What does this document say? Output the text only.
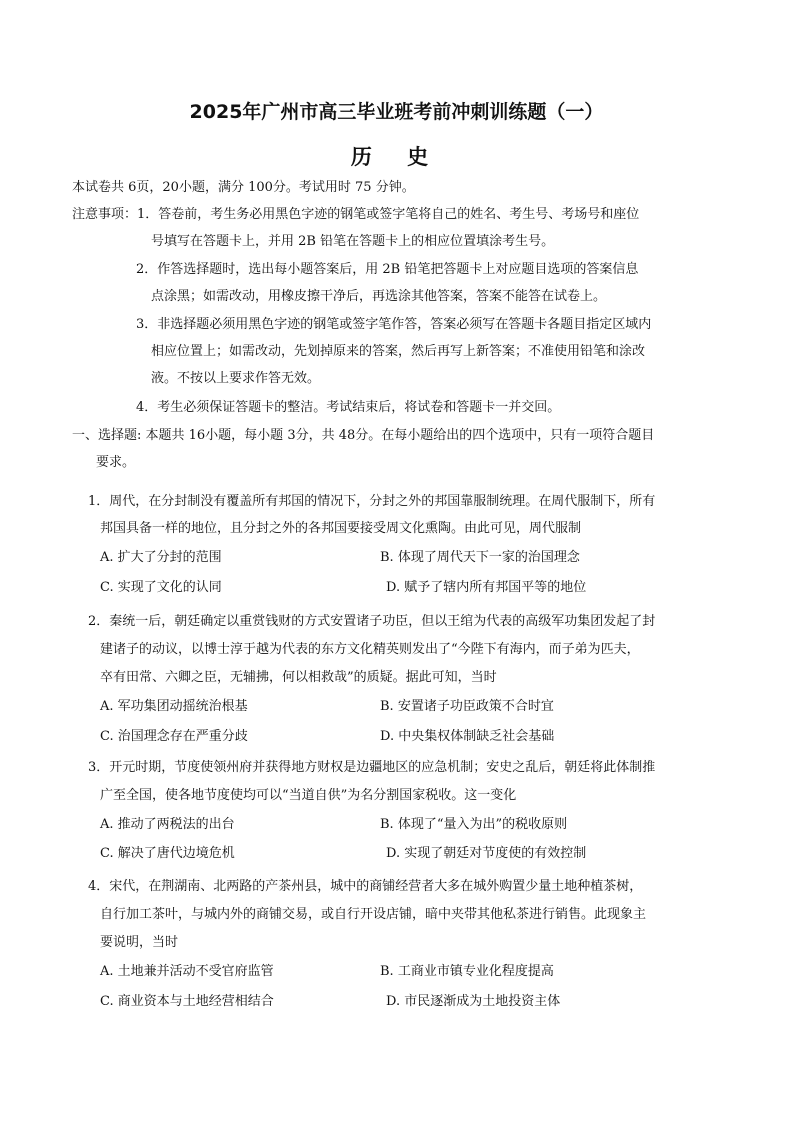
2025年广州市高三毕业班考前冲刺训练题（一）
历 史
本试卷共 6页，20小题，满分 100分。考试用时 75 分钟。
注意事项：1．答卷前，考生务必用黑色字迹的钢笔或签字笔将自己的姓名、考生号、考场号和座位
号填写在答题卡上，并用 2B 铅笔在答题卡上的相应位置填涂考生号。
2．作答选择题时，选出每小题答案后，用 2B 铅笔把答题卡上对应题目选项的答案信息
点涂黑；如需改动，用橡皮擦干净后，再选涂其他答案，答案不能答在试卷上。
3．非选择题必须用黑色字迹的钢笔或签字笔作答，答案必须写在答题卡各题目指定区域内
相应位置上；如需改动，先划掉原来的答案，然后再写上新答案；不准使用铅笔和涂改
液。不按以上要求作答无效。
4．考生必须保证答题卡的整洁。考试结束后，将试卷和答题卡一并交回。
一、选择题: 本题共 16小题，每小题 3分，共 48分。在每小题给出的四个选项中，只有一项符合题目
要求。
1．周代，在分封制没有覆盖所有邦国的情况下，分封之外的邦国靠服制统理。在周代服制下，所有
邦国具备一样的地位，且分封之外的各邦国要接受周文化熏陶。由此可见，周代服制
A. 扩大了分封的范围	B. 体现了周代天下一家的治国理念
C. 实现了文化的认同	D. 赋予了辖内所有邦国平等的地位
2．秦统一后，朝廷确定以重赏钱财的方式安置诸子功臣，但以王绾为代表的高级军功集团发起了封
建诸子的动议，以博士淳于越为代表的东方文化精英则发出了“今陛下有海内，而子弟为匹夫，
卒有田常、六卿之臣，无辅拂，何以相救哉”的质疑。据此可知，当时
A. 军功集团动摇统治根基	B. 安置诸子功臣政策不合时宜
C. 治国理念存在严重分歧	D. 中央集权体制缺乏社会基础
3．开元时期，节度使领州府并获得地方财权是边疆地区的应急机制；安史之乱后，朝廷将此体制推
广至全国，使各地节度使均可以“当道自供”为名分割国家税收。这一变化
A. 推动了两税法的出台	B. 体现了“量入为出”的税收原则
C. 解决了唐代边境危机	D. 实现了朝廷对节度使的有效控制
4．宋代，在荆湖南、北两路的产茶州县，城中的商铺经营者大多在城外购置少量土地种植茶树，
自行加工茶叶，与城内外的商铺交易，或自行开设店铺，暗中夹带其他私茶进行销售。此现象主
要说明，当时
A. 土地兼并活动不受官府监管	B. 工商业市镇专业化程度提高
C. 商业资本与土地经营相结合	D. 市民逐渐成为土地投资主体
